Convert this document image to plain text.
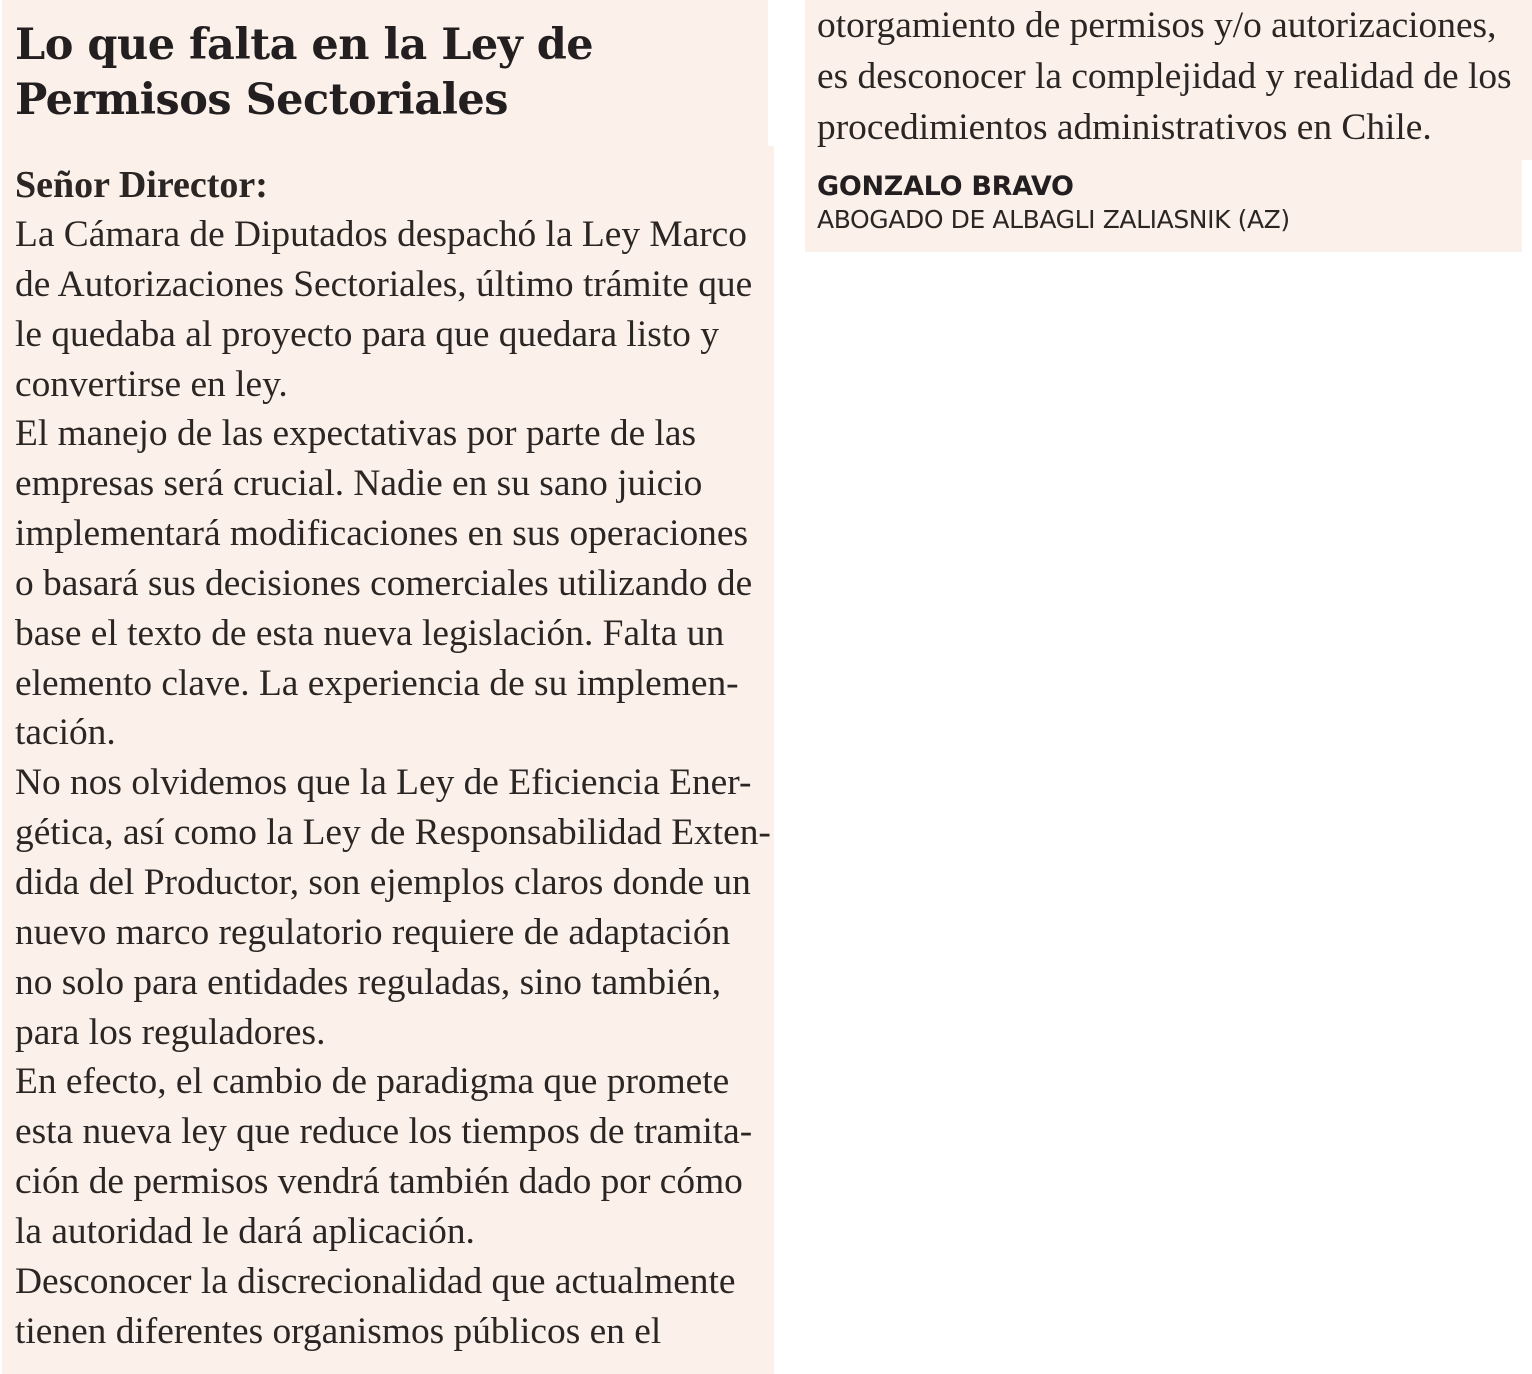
Lo que falta en la Ley de
Permisos Sectoriales

Señor Director:

La Cámara de Diputados despachó la Ley Marco
de Autorizaciones Sectoriales, último trámite que
le quedaba al proyecto para que quedara listo y
convertirse en ley.
El manejo de las expectativas por parte de las
empresas será crucial. Nadie en su sano juicio
implementará modificaciones en sus operaciones
o basará sus decisiones comerciales utilizando de
base el texto de esta nueva legislación. Falta un
elemento clave. La experiencia de su implemen-
tación.
No nos olvidemos que la Ley de Eficiencia Ener-
gética, así como la Ley de Responsabilidad Exten-
dida del Productor, son ejemplos claros donde un
nuevo marco regulatorio requiere de adaptación
no solo para entidades reguladas, sino también,
para los reguladores.
En efecto, el cambio de paradigma que promete
esta nueva ley que reduce los tiempos de tramita-
ción de permisos vendrá también dado por cómo
la autoridad le dará aplicación.
Desconocer la discrecionalidad que actualmente
tienen diferentes organismos públicos en el
otorgamiento de permisos y/o autorizaciones,
es desconocer la complejidad y realidad de los
procedimientos administrativos en Chile.

GONZALO BRAVO

ABOGADO DE ALBAGLI ZALIASNIK (AZ)
